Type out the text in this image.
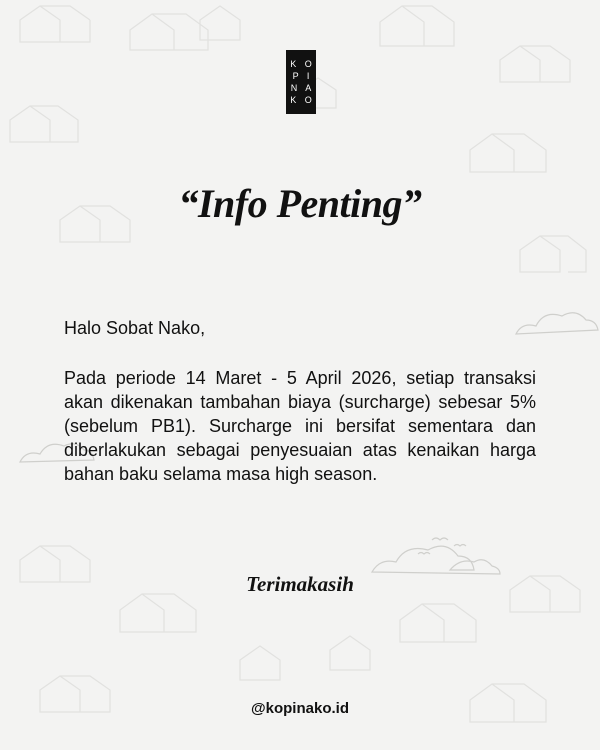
K O
P I
N A
K O
“Info Penting”

Halo Sobat Nako,

Pada periode 14 Maret - 5 April 2026, setiap transaksi akan dikenakan tambahan biaya (surcharge) sebesar 5% (sebelum PB1). Surcharge ini bersifat sementara dan diberlakukan sebagai penyesuaian atas kenaikan harga bahan baku selama masa high season.

Terimakasih

@kopinako.id
